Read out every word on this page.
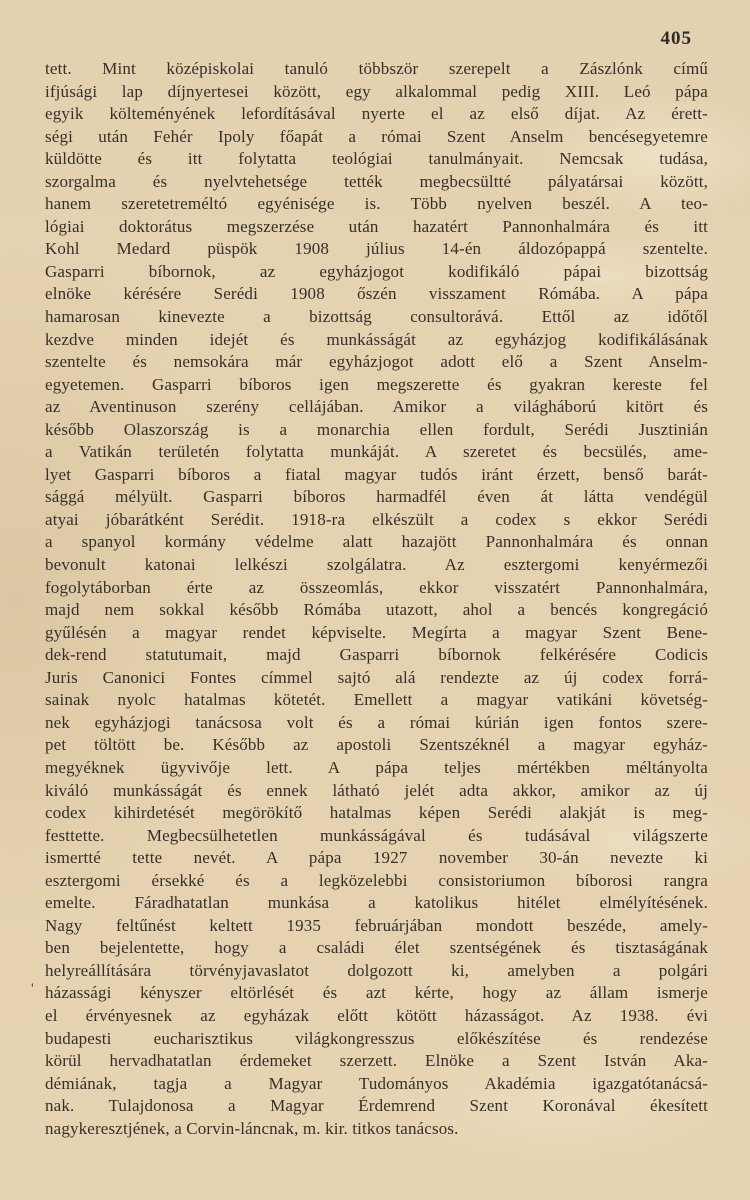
405
'
tett. Mint középiskolai tanuló többször szerepelt a Zászlónk című
ifjúsági lap díjnyertesei között, egy alkalommal pedig XIII. Leó pápa
egyik költeményének lefordításával nyerte el az első díjat. Az érett-
ségi után Fehér Ipoly főapát a római Szent Anselm bencésegyetemre
küldötte és itt folytatta teológiai tanulmányait. Nemcsak tudása,
szorgalma és nyelvtehetsége tették megbecsültté pályatársai között,
hanem szeretetreméltó egyénisége is. Több nyelven beszél. A teo-
lógiai doktorátus megszerzése után hazatért Pannonhalmára és itt
Kohl Medard püspök 1908 július 14-én áldozópappá szentelte.
Gasparri bíbornok, az egyházjogot kodifikáló pápai bizottság
elnöke kérésére Serédi 1908 őszén visszament Rómába. A pápa
hamarosan kinevezte a bizottság consultorává. Ettől az időtől
kezdve minden idejét és munkásságát az egyházjog kodifikálásának
szentelte és nemsokára már egyházjogot adott elő a Szent Anselm-
egyetemen. Gasparri bíboros igen megszerette és gyakran kereste fel
az Aventinuson szerény cellájában. Amikor a világháború kitört és
később Olaszország is a monarchia ellen fordult, Serédi Jusztinián
a Vatikán területén folytatta munkáját. A szeretet és becsülés, ame-
lyet Gasparri bíboros a fiatal magyar tudós iránt érzett, benső barát-
sággá mélyült. Gasparri bíboros harmadfél éven át látta vendégül
atyai jóbarátként Serédit. 1918-ra elkészült a codex s ekkor Serédi
a spanyol kormány védelme alatt hazajött Pannonhalmára és onnan
bevonult katonai lelkészi szolgálatra. Az esztergomi kenyérmezői
fogolytáborban érte az összeomlás, ekkor visszatért Pannonhalmára,
majd nem sokkal később Rómába utazott, ahol a bencés kongregáció
gyűlésén a magyar rendet képviselte. Megírta a magyar Szent Bene-
dek-rend statutumait, majd Gasparri bíbornok felkérésére Codicis
Juris Canonici Fontes címmel sajtó alá rendezte az új codex forrá-
sainak nyolc hatalmas kötetét. Emellett a magyar vatikáni követség-
nek egyházjogi tanácsosa volt és a római kúrián igen fontos szere-
pet töltött be. Később az apostoli Szentszéknél a magyar egyház-
megyéknek ügyvivője lett. A pápa teljes mértékben méltányolta
kiváló munkásságát és ennek látható jelét adta akkor, amikor az új
codex kihirdetését megörökítő hatalmas képen Serédi alakját is meg-
festtette. Megbecsülhetetlen munkásságával és tudásával világszerte
ismertté tette nevét. A pápa 1927 november 30-án nevezte ki
esztergomi érsekké és a legközelebbi consistoriumon bíborosi rangra
emelte. Fáradhatatlan munkása a katolikus hitélet elmélyítésének.
Nagy feltűnést keltett 1935 februárjában mondott beszéde, amely-
ben bejelentette, hogy a családi élet szentségének és tisztaságának
helyreállítására törvényjavaslatot dolgozott ki, amelyben a polgári
házassági kényszer eltörlését és azt kérte, hogy az állam ismerje
el érvényesnek az egyházak előtt kötött házasságot. Az 1938. évi
budapesti eucharisztikus világkongresszus előkészítése és rendezése
körül hervadhatatlan érdemeket szerzett. Elnöke a Szent István Aka-
démiának, tagja a Magyar Tudományos Akadémia igazgatótanácsá-
nak. Tulajdonosa a Magyar Érdemrend Szent Koronával ékesített
nagykeresztjének, a Corvin-láncnak, m. kir. titkos tanácsos.
